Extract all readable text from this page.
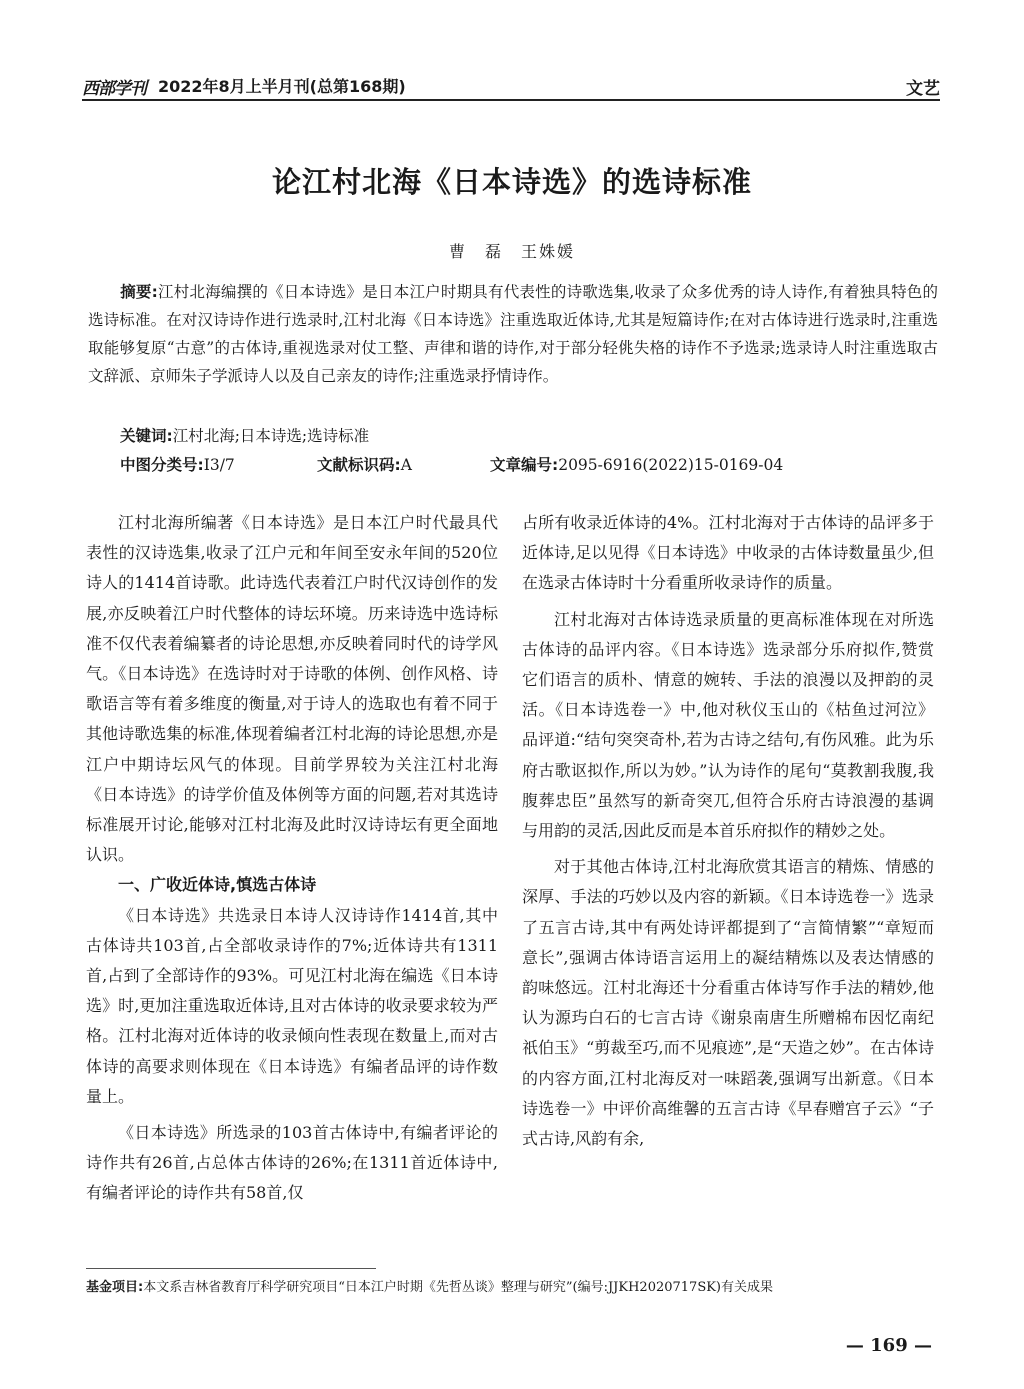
西部学刊 2022年8月上半月刊(总第168期)	文艺
论江村北海《日本诗选》的选诗标准
曹　磊　王姝媛
摘要:江村北海编撰的《日本诗选》是日本江户时期具有代表性的诗歌选集,收录了众多优秀的诗人诗作,有着独具特色的选诗标准。在对汉诗诗作进行选录时,江村北海《日本诗选》注重选取近体诗,尤其是短篇诗作;在对古体诗进行选录时,注重选取能够复原“古意”的古体诗,重视选录对仗工整、声律和谐的诗作,对于部分轻佻失格的诗作不予选录;选录诗人时注重选取古文辞派、京师朱子学派诗人以及自己亲友的诗作;注重选录抒情诗作。
关键词:江村北海;日本诗选;选诗标准
中图分类号:I3/7	文献标识码:A	文章编号:2095-6916(2022)15-0169-04

江村北海所编著《日本诗选》是日本江户时代最具代表性的汉诗选集,收录了江户元和年间至安永年间的520位诗人的1414首诗歌。此诗选代表着江户时代汉诗创作的发展,亦反映着江户时代整体的诗坛环境。历来诗选中选诗标准不仅代表着编纂者的诗论思想,亦反映着同时代的诗学风气。《日本诗选》在选诗时对于诗歌的体例、创作风格、诗歌语言等有着多维度的衡量,对于诗人的选取也有着不同于其他诗歌选集的标准,体现着编者江村北海的诗论思想,亦是江户中期诗坛风气的体现。目前学界较为关注江村北海《日本诗选》的诗学价值及体例等方面的问题,若对其选诗标准展开讨论,能够对江村北海及此时汉诗诗坛有更全面地认识。

一、广收近体诗,慎选古体诗

《日本诗选》共选录日本诗人汉诗诗作1414首,其中古体诗共103首,占全部收录诗作的7%;近体诗共有1311首,占到了全部诗作的93%。可见江村北海在编选《日本诗选》时,更加注重选取近体诗,且对古体诗的收录要求较为严格。江村北海对近体诗的收录倾向性表现在数量上,而对古体诗的高要求则体现在《日本诗选》有编者品评的诗作数量上。

《日本诗选》所选录的103首古体诗中,有编者评论的诗作共有26首,占总体古体诗的26%;在1311首近体诗中,有编者评论的诗作共有58首,仅

占所有收录近体诗的4%。江村北海对于古体诗的品评多于近体诗,足以见得《日本诗选》中收录的古体诗数量虽少,但在选录古体诗时十分看重所收录诗作的质量。

江村北海对古体诗选录质量的更高标准体现在对所选古体诗的品评内容。《日本诗选》选录部分乐府拟作,赞赏它们语言的质朴、情意的婉转、手法的浪漫以及押韵的灵活。《日本诗选卷一》中,他对秋仪玉山的《枯鱼过河泣》品评道:“结句突突奇朴,若为古诗之结句,有伤风雅。此为乐府古歌讴拟作,所以为妙。”认为诗作的尾句“莫教割我腹,我腹葬忠臣”虽然写的新奇突兀,但符合乐府古诗浪漫的基调与用韵的灵活,因此反而是本首乐府拟作的精妙之处。

对于其他古体诗,江村北海欣赏其语言的精炼、情感的深厚、手法的巧妙以及内容的新颖。《日本诗选卷一》选录了五言古诗,其中有两处诗评都提到了“言简情繁”“章短而意长”,强调古体诗语言运用上的凝结精炼以及表达情感的韵味悠远。江村北海还十分看重古体诗写作手法的精妙,他认为源玙白石的七言古诗《谢泉南唐生所赠棉布因忆南纪祇伯玉》“剪裁至巧,而不见痕迹”,是“天造之妙”。在古体诗的内容方面,江村北海反对一味蹈袭,强调写出新意。《日本诗选卷一》中评价高维馨的五言古诗《早春赠宫子云》“子式古诗,风韵有余,

基金项目:本文系吉林省教育厅科学研究项目“日本江户时期《先哲丛谈》整理与研究”(编号:JJKH2020717SK)有关成果
— 169 —
